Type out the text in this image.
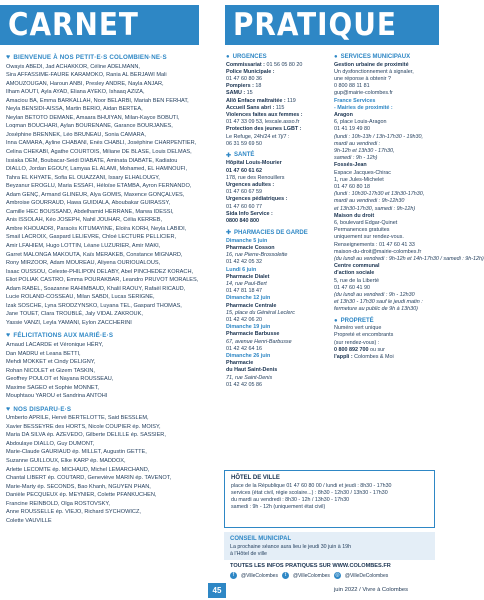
CARNET	PRATIQUE
♥ BIENVENUE À NOS PETIT·E·S COLOMBIEN·NE·S
Owayis ABEDI, Jad ACHAKKOR, Céline ADELMANN,
Sira AFFASSIME-FAURE KARAMOKO, Rania AL BERJAWI Mali
AMOUZOUGAN, Haroun ANBI, Presley ANDRE, Nayla ANJAR,
Ilham AOUTI, Ayla AYAD, Eliana AYEKO, Ishaaq AZIZA,
Amaciou BA, Emma BARKALLAH, Noor BELARBI, Mariah BEN FERHAT,
Neyla BENSIDI-AISSA, Martin BERIO, Aidan BERTEA,
Neylan BETOTO DEMANE, Amaara BHUIYAN, Milan-Kayce BOBUTI,
Loqman BOUCHARI, Aylan BOURENANE, Garance BOURJANES,
Joséphine BRENNEK, Léo BRUNEAU, Sonia CAMARA,
Inna CAMARA, Ayline CHABANI, Enès CHABLI, Joséphine CHARPENTIER,
Celina CHEKABI, Agathe COURTOIS, Miliane DE BLASE, Louis DELMAS,
Issiaka DEM, Boubacar-Seidi DIABATE, Aminata DIABATE, Kadiatou
DIALLO, Jordan EGOUY, Lamyaa EL ALAMI, Mohamed, EL HAMNOUFI,
Tahra EL KHYATE, Sofia EL OUAZZANI, Issary ELHALOUGY,
Beyzanur EROGLU, Maria ESSAFI, Héloïse ETAMBA, Ayron FERNANDO,
Adam GENÇ, Armand GLINEUR, Alya GOMIS, Maxence GONÇALVES,
Ambroise GOURRAUD, Hawa GUIDIALA, Aboubakar GUIRASSY,
Camille HEC BOUSSAND, Abdelhamid HERRANE, Marwa IDESSI,
Anis ISSOLAH, Kéo JOSEPH, Nahil JOUHAR, Célia KERREB,
Ambre KHOUADRI, Paracès KITUMAYINE, Eloïra KORH, Neyla LABIDI,
Smail LACROIX, Gaspard LELIEVRE, Chloé LECTURE PELLICIER,
Amir LFAHIEM, Hugo LOTTIN, Léane LUZURIER, Amir MAKI,
Garret MALONGA MAKOUTA, Kaïs MERAKEB, Constance MIGNARD,
Rony MIRZOOR, Adam MOUREAU, Aliyena OURIOUALOUS,
Isaac OUSSOU, Celeste-PHILIPON DELABY, Abel PINCHEDEZ KORACH,
Eliot POLIAK CASTRO, Emma POURAKBAR, Leandro PRUVOT MORALES,
Adam RABEL, Soazanne RAHIMBAUD, Khalil RAOUY, Rafaël RICAUD,
Lucie ROLAND-COSSEAU, Milan SABDI, Lucas SERIGNE,
Izak SOSCHE, Lyna SRODZYNSKO, Luyana TEL, Gaspard THOMAS,
Jane TOUET, Clara TROUBLÉ, Jaly VIDAL ZAKROUK,
Yassie VANZI, Leyla YAMANI, Eylon ZACCHERINI
♥ FÉLICITATIONS AUX MARIÉ·E·S
Arnaud LACARDE et Véronique HÉRY,
Dan MADRU et Leana BETTI,
Mehdi MOKKET et Cindy DELIGNY,
Rohan NICOLET et Gizem TASKIN,
Geoffrey POULOT et Nayana ROUSSEAU,
Maxime SAGEO et Sophie MONNET,
Mouphtaou YAROU et Sandrina ANTOHI
♥ NOS DISPARU·E·S
Umberto APRILE, Hervé BERTELOTTE, Said BESSLEM,
Xavier BESSEYRE des HORTS, Nicole COUPIER ép. MOISY,
Maria DA SILVA ép. AZEVEDO, Gilberte DELILLE ép. SASSIER,
Abdoulaye DIALLO, Guy DUMONT,
Marie-Claude GAURIAUD ép. MILLET, Augustin GETTE,
Suzanne GUILLOUX, Elke KARP ép. MADDOX,
Arlette LECOMTE ép. MICHAUD, Michel LEMARCHAND,
Chantal LIBERT ép. COUTARD, Geneviève MARIN ép. TAVENOT,
Marie-Marty ép. SECONDS, Bao Khanh, NGUYEN PHAN,
Danièle PECQUEUX ép. MEYNIER, Colette PFANKUCHEN,
Francine REINBOLD, Olga ROSTOVSKY,
Anne ROUSSELLE ép. VIEJO, Richard SYCHOWICZ,
Colette VAUVILLE
● URGENCES
Commissariat : 01 56 05 80 20
Police Municipale :
01 47 60 80 36
Pompiers : 18
SAMU : 15
Allô Enface maltraitée : 119
Accueil Sans abri : 115
Violences faites aux femmes :
01 47 33 09 53, lescale.asso.fr
Protection des jeunes LGBT :
Le Refuge, 24h/24 et 7j/7 :
06 31 59 69 50
✚ SANTÉ
Hôpital Louis-Mourier
01 47 60 61 62
178, rue des Renouillers
Urgences adultes :
01 47 60 67 59
Urgences pédiatriques :
01 47 60 60 77
Sida Info Service :
0800 840 800
✚ PHARMACIES DE GARDE
Dimanche 5 juin
Pharmacie Cosson
16, rue Pierre-Brossolette
01 42 42 05 32
Lundi 6 juin
Pharmacie Dialet
14, rue Paul-Bert
01 47 81 18 47
Dimanche 12 juin
Pharmacie Centrale
15, place du Général Leclerc
01 42 42 06 20
Dimanche 19 juin
Pharmacie Barbusse
67, avenue Henri-Barbusse
01 42 42 64 16
Dimanche 26 juin
Pharmacie
du Haut Saint-Denis
71, rue Saint-Denis
01 42 42 05 86
● SERVICES MUNICIPAUX
Gestion urbaine de proximité
Un dysfonctionnement à signaler,
une réponse à obtenir ?
0 800 88 11 81
gup@mairie-colombes.fr
France Services
- Mairies de proximité :
Aragon
6, place Louis-Aragon
01 41 19 49 80
(lundi : 10h-13h / 13h-17h30 - 19h30,
mardi au vendredi :
9h-12h et 13h30 - 17h30,
samedi : 9h - 12h)
Fossés-Jean
Espace Jacques-Chirac
1, rue Jules-Michelet
01 47 60 80 18
(lundi : 10h30-17h30 et 13h30-17h30,
mardi au vendredi : 9h-12h30
et 13h30-17h30, samedi : 9h-12h)
Maison du droit
6, boulevard Edgar-Quinet
Permanences gratuites
uniquement sur rendez-vous.
Renseignements : 01 47 60 41 33
maison-du-droit@mairie-colombes.fr
(du lundi au vendredi : 9h-12h et 14h-17h30 / samedi : 9h-12h)
Centre communal
d'action sociale
5, rue de la Liberté
01 47 60 41 90
(du lundi au vendredi : 9h - 12h30
et 13h30 - 17h30 sauf le jeudi matin :
fermeture au public de 9h à 13h30)
● PROPRETÉ
Numéro vert unique
Propreté et encombrants
(sur rendez-vous) :
0 800 892 700 ou sur
l'appli : Colombes & Moi
HÔTEL DE VILLE
place de la République 01 47 60 80 00 / lundi et jeudi : 8h30 - 17h30
services (état civil, régie scolaire...) : 8h30 - 12h30 / 13h30 - 17h30
du mardi au vendredi : 8h30 - 12h / 13h30 - 17h30
samedi : 9h - 12h (uniquement état civil)
CONSEIL MUNICIPAL
La prochaine séance aura lieu le jeudi 30 juin à 19h
à l'Hôtel de ville
TOUTES LES INFOS PRATIQUES SUR WWW.COLOMBES.FR
f	@VilleColombes	t	@VilleColombes ◎ @VilleDeColombes
45	juin 2022 / Vivre à Colombes
